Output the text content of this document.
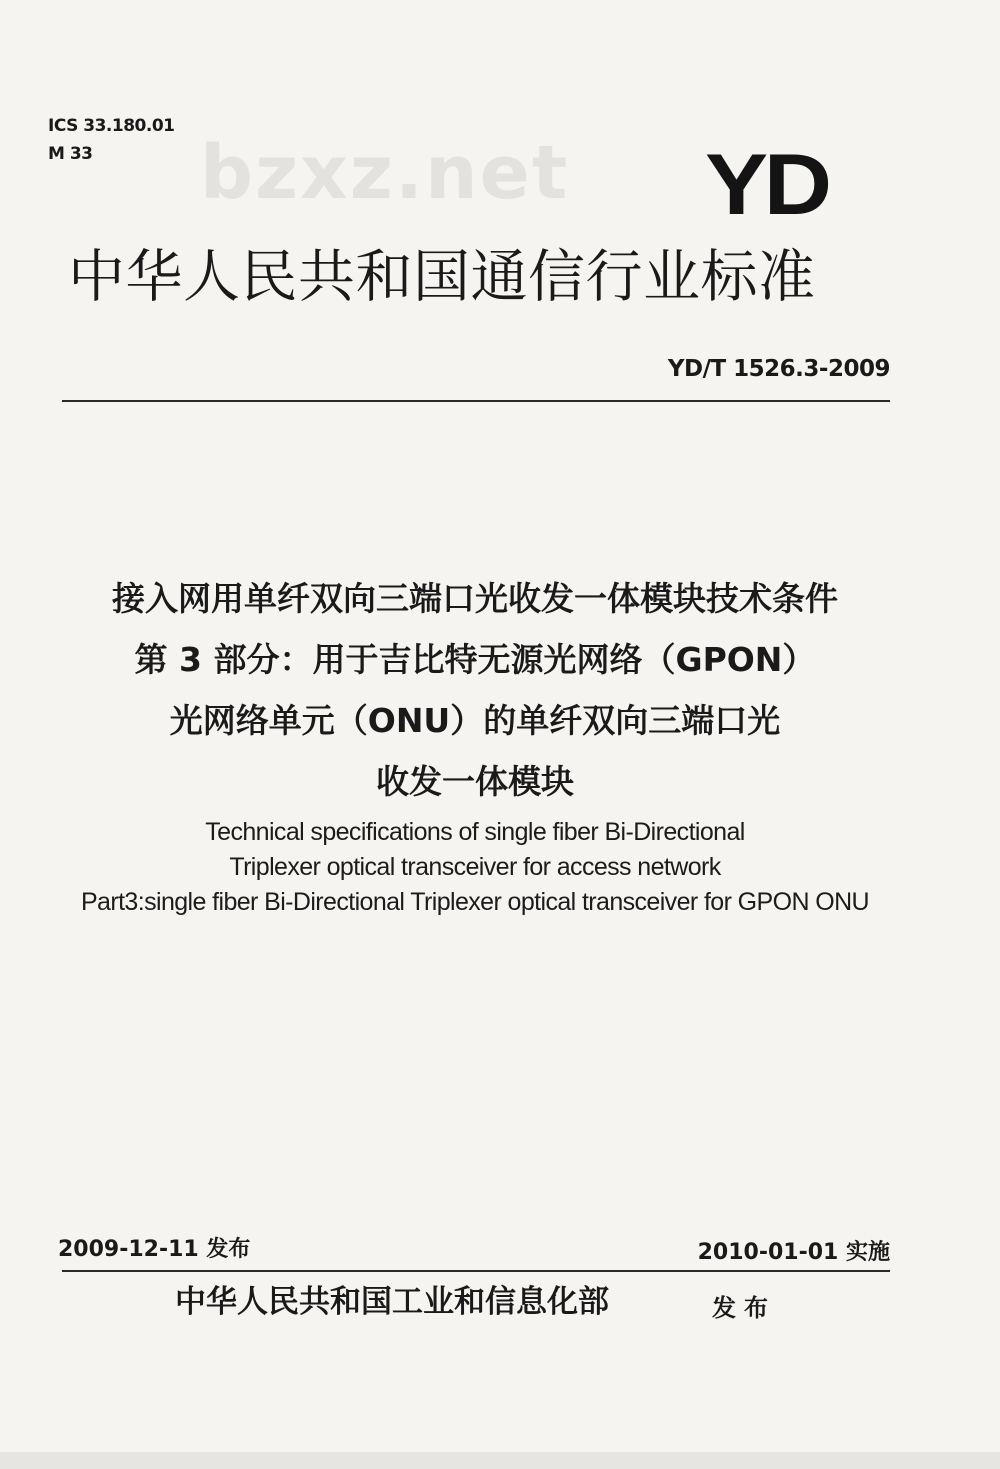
ICS 33.180.01
M 33	bzxz.net YD
中华人民共和国通信行业标准
YD/T 1526.3-2009
接入网用单纤双向三端口光收发一体模块技术条件
第 3 部分：用于吉比特无源光网络（GPON）
光网络单元（ONU）的单纤双向三端口光
收发一体模块
Technical specifications of single fiber Bi-Directional
Triplexer optical transceiver for access network
Part3:single fiber Bi-Directional Triplexer optical transceiver for GPON ONU
2009-12-11 发布	2010-01-01 实施
中华人民共和国工业和信息化部	发布
